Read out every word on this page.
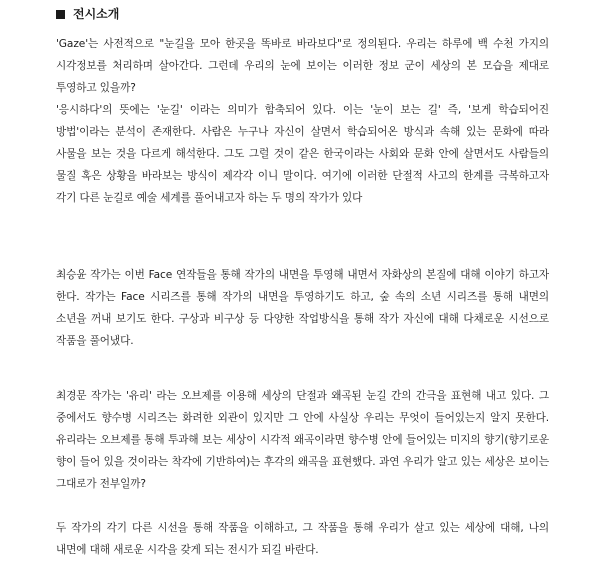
전시소개

'Gaze'는 사전적으로 "눈길을 모아 한곳을 똑바로 바라보다"로 정의된다. 우리는 하루에 백 수천 가지의 시각정보를 처리하며 살아간다. 그런데 우리의 눈에 보이는 이러한 정보 군이 세상의 본 모습을 제대로 투영하고 있을까?

'응시하다'의 뜻에는 '눈길' 이라는 의미가 함축되어 있다. 이는 '눈이 보는 길' 즉, '보게 학습되어진 방법'이라는 분석이 존재한다. 사람은 누구나 자신이 살면서 학습되어온 방식과 속해 있는 문화에 따라 사물을 보는 것을 다르게 해석한다. 그도 그럴 것이 같은 한국이라는 사회와 문화 안에 살면서도 사람들의 물질 혹은 상황을 바라보는 방식이 제각각 이니 말이다. 여기에 이러한 단절적 사고의 한계를 극복하고자 각기 다른 눈길로 예술 세계를 풀어내고자 하는 두 명의 작가가 있다

최승윤 작가는 이번 Face 연작들을 통해 작가의 내면을 투영해 내면서 자화상의 본질에 대해 이야기 하고자 한다. 작가는 Face 시리즈를 통해 작가의 내면을 투영하기도 하고, 숲 속의 소년 시리즈를 통해 내면의 소년을 꺼내 보기도 한다. 구상과 비구상 등 다양한 작업방식을 통해 작가 자신에 대해 다채로운 시선으로 작품을 풀어냈다.

최경문 작가는 '유리' 라는 오브제를 이용해 세상의 단절과 왜곡된 눈길 간의 간극을 표현해 내고 있다. 그 중에서도 향수병 시리즈는 화려한 외관이 있지만 그 안에 사실상 우리는 무엇이 들어있는지 알지 못한다. 유리라는 오브제를 통해 투과해 보는 세상이 시각적 왜곡이라면 향수병 안에 들어있는 미지의 향기(향기로운 향이 들어 있을 것이라는 착각에 기반하여)는 후각의 왜곡을 표현했다. 과연 우리가 알고 있는 세상은 보이는 그대로가 전부일까?

두 작가의 각기 다른 시선을 통해 작품을 이해하고, 그 작품을 통해 우리가 살고 있는 세상에 대해, 나의 내면에 대해 새로운 시각을 갖게 되는 전시가 되길 바란다.
